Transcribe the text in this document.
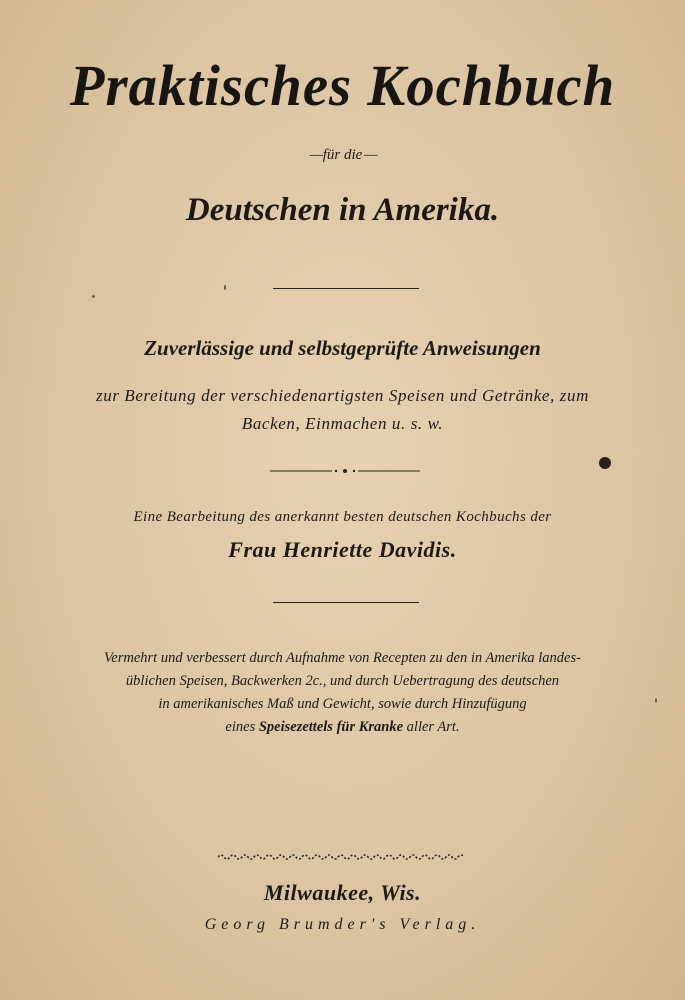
Praktisches Kochbuch
— für die —
Deutschen in Amerika.
Zuverlässige und selbstgeprüfte Anweisungen
zur Bereitung der verschiedenartigsten Speisen und Getränke, zum
Backen, Einmachen u. s. w.
Eine Bearbeitung des anerkannt besten deutschen Kochbuchs der
Frau Henriette Davidis.
Vermehrt und verbessert durch Aufnahme von Recepten zu den in Amerika landes-
üblichen Speisen, Backwerken 2c., und durch Uebertragung des deutschen
in amerikanisches Maß und Gewicht, sowie durch Hinzufügung
eines Speisezettels für Kranke aller Art.
Milwaukee, Wis.
Georg Brumder's Verlag.
